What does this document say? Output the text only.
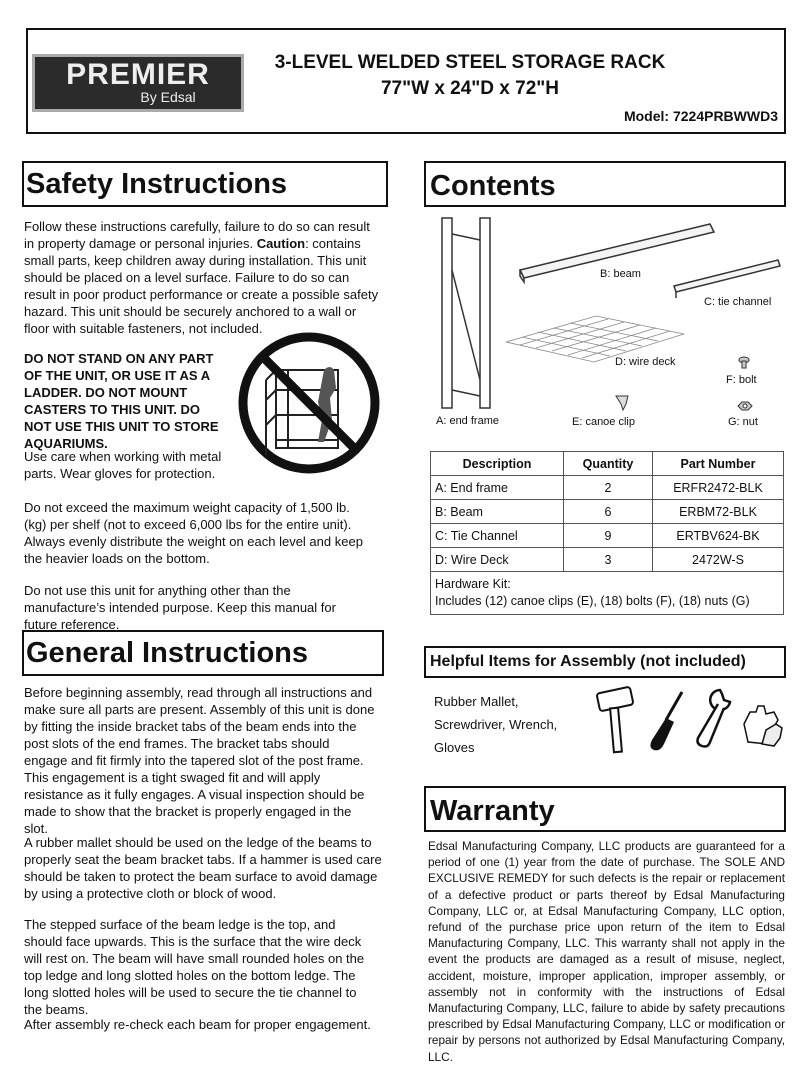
PREMIER
By Edsal
3-LEVEL WELDED STEEL STORAGE RACK
77"W x 24"D x 72"H
Model: 7224PRBWWD3
Safety Instructions

Follow these instructions carefully, failure to do so can result in property damage or personal injuries. Caution: contains small parts, keep children away during installation. This unit should be placed on a level surface. Failure to do so can result in poor product performance or create a possible safety hazard. This unit should be securely anchored to a wall or floor with suitable fasteners, not included.

DO NOT STAND ON ANY PART OF THE UNIT, OR USE IT AS A LADDER. DO NOT MOUNT CASTERS TO THIS UNIT. DO NOT USE THIS UNIT TO STORE AQUARIUMS.

Use care when working with metal parts. Wear gloves for protection.

Do not exceed the maximum weight capacity of 1,500 lb. (kg) per shelf (not to exceed 6,000 lbs for the entire unit). Always evenly distribute the weight on each level and keep the heavier loads on the bottom.

Do not use this unit for anything other than the manufacture’s intended purpose. Keep this manual for future reference.

General Instructions

Before beginning assembly, read through all instructions and make sure all parts are present. Assembly of this unit is done by fitting the inside bracket tabs of the beam ends into the post slots of the end frames. The bracket tabs should engage and fit firmly into the tapered slot of the post frame. This engagement is a tight swaged fit and will apply resistance as it fully engages. A visual inspection should be made to show that the bracket is properly engaged in the slot.

A rubber mallet should be used on the ledge of the beams to properly seat the beam bracket tabs. If a hammer is used care should be taken to protect the beam surface to avoid damage by using a protective cloth or block of wood.

The stepped surface of the beam ledge is the top, and should face upwards. This is the surface that the wire deck will rest on. The beam will have small rounded holes on the top ledge and long slotted holes on the bottom ledge. The long slotted holes will be used to secure the tie channel to the beams.

After assembly re-check each beam for proper engagement.

Contents
B: beam
C: tie channel
D: wire deck
F: bolt
A: end frame	E: canoe clip	G: nut
Description	Quantity	Part Number
A: End frame	2	ERFR2472-BLK
B: Beam	6	ERBM72-BLK
C: Tie Channel	9	ERTBV624-BK
D: Wire Deck	3	2472W-S
Hardware Kit:
Includes (12) canoe clips (E), (18) bolts (F), (18) nuts (G)		
Helpful Items for Assembly (not included)

Rubber Mallet,
Screwdriver, Wrench,
Gloves

Warranty

Edsal Manufacturing Company, LLC products are guaranteed for a period of one (1) year from the date of purchase. The SOLE AND EXCLUSIVE REMEDY for such defects is the repair or replacement of a defective product or parts thereof by Edsal Manufacturing Company, LLC or, at Edsal Manufacturing Company, LLC option, refund of the purchase price upon return of the item to Edsal Manufacturing Company, LLC. This warranty shall not apply in the event the products are damaged as a result of misuse, neglect, accident, moisture, improper application, improper assembly, or assembly not in conformity with the instructions of Edsal Manufacturing Company, LLC, failure to abide by safety precautions prescribed by Edsal Manufacturing Company, LLC or modification or repair by persons not authorized by Edsal Manufacturing Company, LLC.
